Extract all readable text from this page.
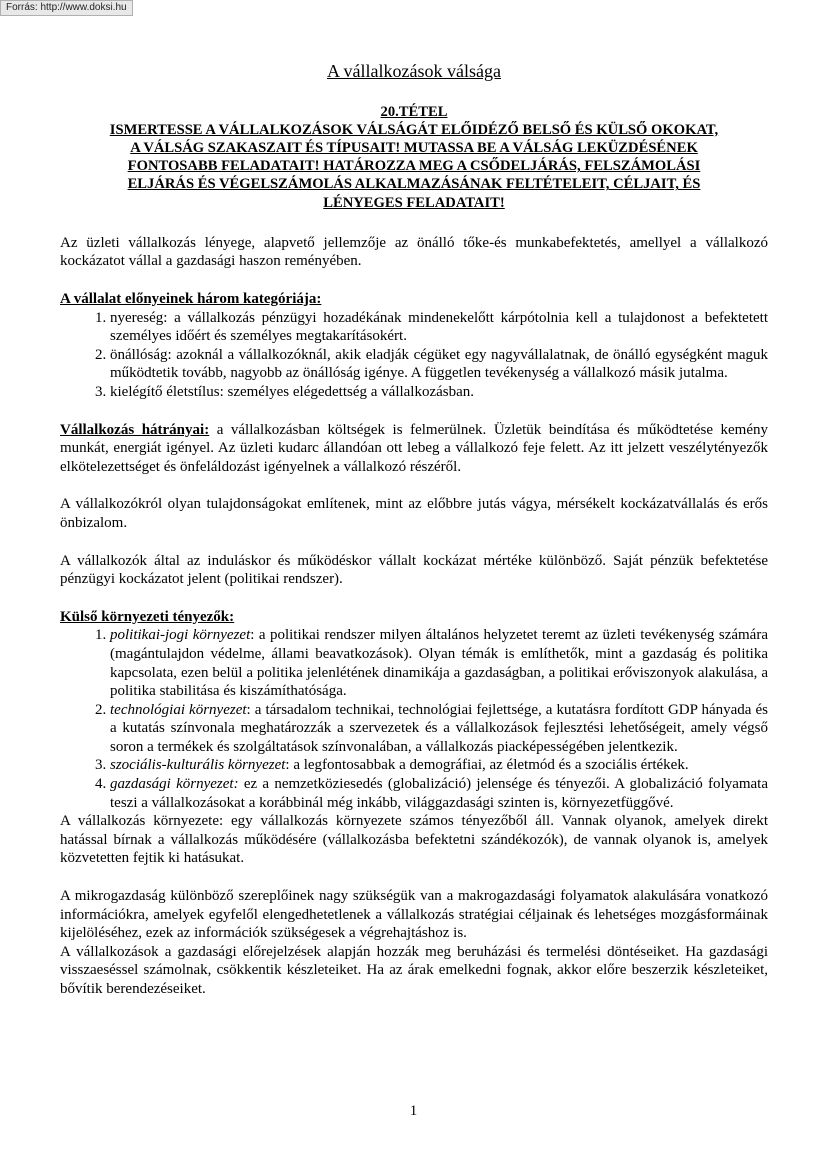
Forrás: http://www.doksi.hu
A vállalkozások válsága
20.TÉTEL
ISMERTESSE A VÁLLALKOZÁSOK VÁLSÁGÁT ELŐIDÉZŐ BELSŐ ÉS KÜLSŐ OKOKAT,
A VÁLSÁG SZAKASZAIT ÉS TÍPUSAIT! MUTASSA BE A VÁLSÁG LEKÜZDÉSÉNEK
FONTOSABB FELADATAIT! HATÁROZZA MEG A CSŐDELJÁRÁS, FELSZÁMOLÁSI
ELJÁRÁS ÉS VÉGELSZÁMOLÁS ALKALMAZÁSÁNAK FELTÉTELEIT, CÉLJAIT, ÉS
LÉNYEGES FELADATAIT!

Az üzleti vállalkozás lényege, alapvető jellemzője az önálló tőke-és munkabefektetés, amellyel a vállalkozó kockázatot vállal a gazdasági haszon reményében.

A vállalat előnyeinek három kategóriája:
1. nyereség: a vállalkozás pénzügyi hozadékának mindenekelőtt kárpótolnia kell a tulajdonost a befektetett személyes időért és személyes megtakarításokért.
2. önállóság: azoknál a vállalkozóknál, akik eladják cégüket egy nagyvállalatnak, de önálló egységként maguk működtetik tovább, nagyobb az önállóság igénye. A független tevékenység a vállalkozó másik jutalma.
3. kielégítő életstílus: személyes elégedettség a vállalkozásban.

Vállalkozás hátrányai: a vállalkozásban költségek is felmerülnek. Üzletük beindítása és működtetése kemény munkát, energiát igényel. Az üzleti kudarc állandóan ott lebeg a vállalkozó feje felett. Az itt jelzett veszélytényezők elkötelezettséget és önfeláldozást igényelnek a vállalkozó részéről.

A vállalkozókról olyan tulajdonságokat említenek, mint az előbbre jutás vágya, mérsékelt kockázatvállalás és erős önbizalom.

A vállalkozók által az induláskor és működéskor vállalt kockázat mértéke különböző. Saját pénzük befektetése pénzügyi kockázatot jelent (politikai rendszer).

Külső környezeti tényezők:
1. politikai-jogi környezet: a politikai rendszer milyen általános helyzetet teremt az üzleti tevékenység számára (magántulajdon védelme, állami beavatkozások). Olyan témák is említhetők, mint a gazdaság és politika kapcsolata, ezen belül a politika jelenlétének dinamikája a gazdaságban, a politikai erőviszonyok alakulása, a politika stabilitása és kiszámíthatósága.
2. technológiai környezet: a társadalom technikai, technológiai fejlettsége, a kutatásra fordított GDP hányada és a kutatás színvonala meghatározzák a szervezetek és a vállalkozások fejlesztési lehetőségeit, amely végső soron a termékek és szolgáltatások színvonalában, a vállalkozás piacképességében jelentkezik.
3. szociális-kulturális környezet: a legfontosabbak a demográfiai, az életmód és a szociális értékek.
4. gazdasági környezet: ez a nemzetköziesedés (globalizáció) jelensége és tényezői. A globalizáció folyamata teszi a vállalkozásokat a korábbinál még inkább, világgazdasági szinten is, környezetfüggővé.

A vállalkozás környezete: egy vállalkozás környezete számos tényezőből áll. Vannak olyanok, amelyek direkt hatással bírnak a vállalkozás működésére (vállalkozásba befektetni szándékozók), de vannak olyanok is, amelyek közvetetten fejtik ki hatásukat.

A mikrogazdaság különböző szereplőinek nagy szükségük van a makrogazdasági folyamatok alakulására vonatkozó információkra, amelyek egyfelől elengedhetetlenek a vállalkozás stratégiai céljainak és lehetséges mozgásformáinak kijelöléséhez, ezek az információk szükségesek a végrehajtáshoz is.

A vállalkozások a gazdasági előrejelzések alapján hozzák meg beruházási és termelési döntéseiket. Ha gazdasági visszaeséssel számolnak, csökkentik készleteiket. Ha az árak emelkedni fognak, akkor előre beszerzik készleteiket, bővítik berendezéseiket.

1
